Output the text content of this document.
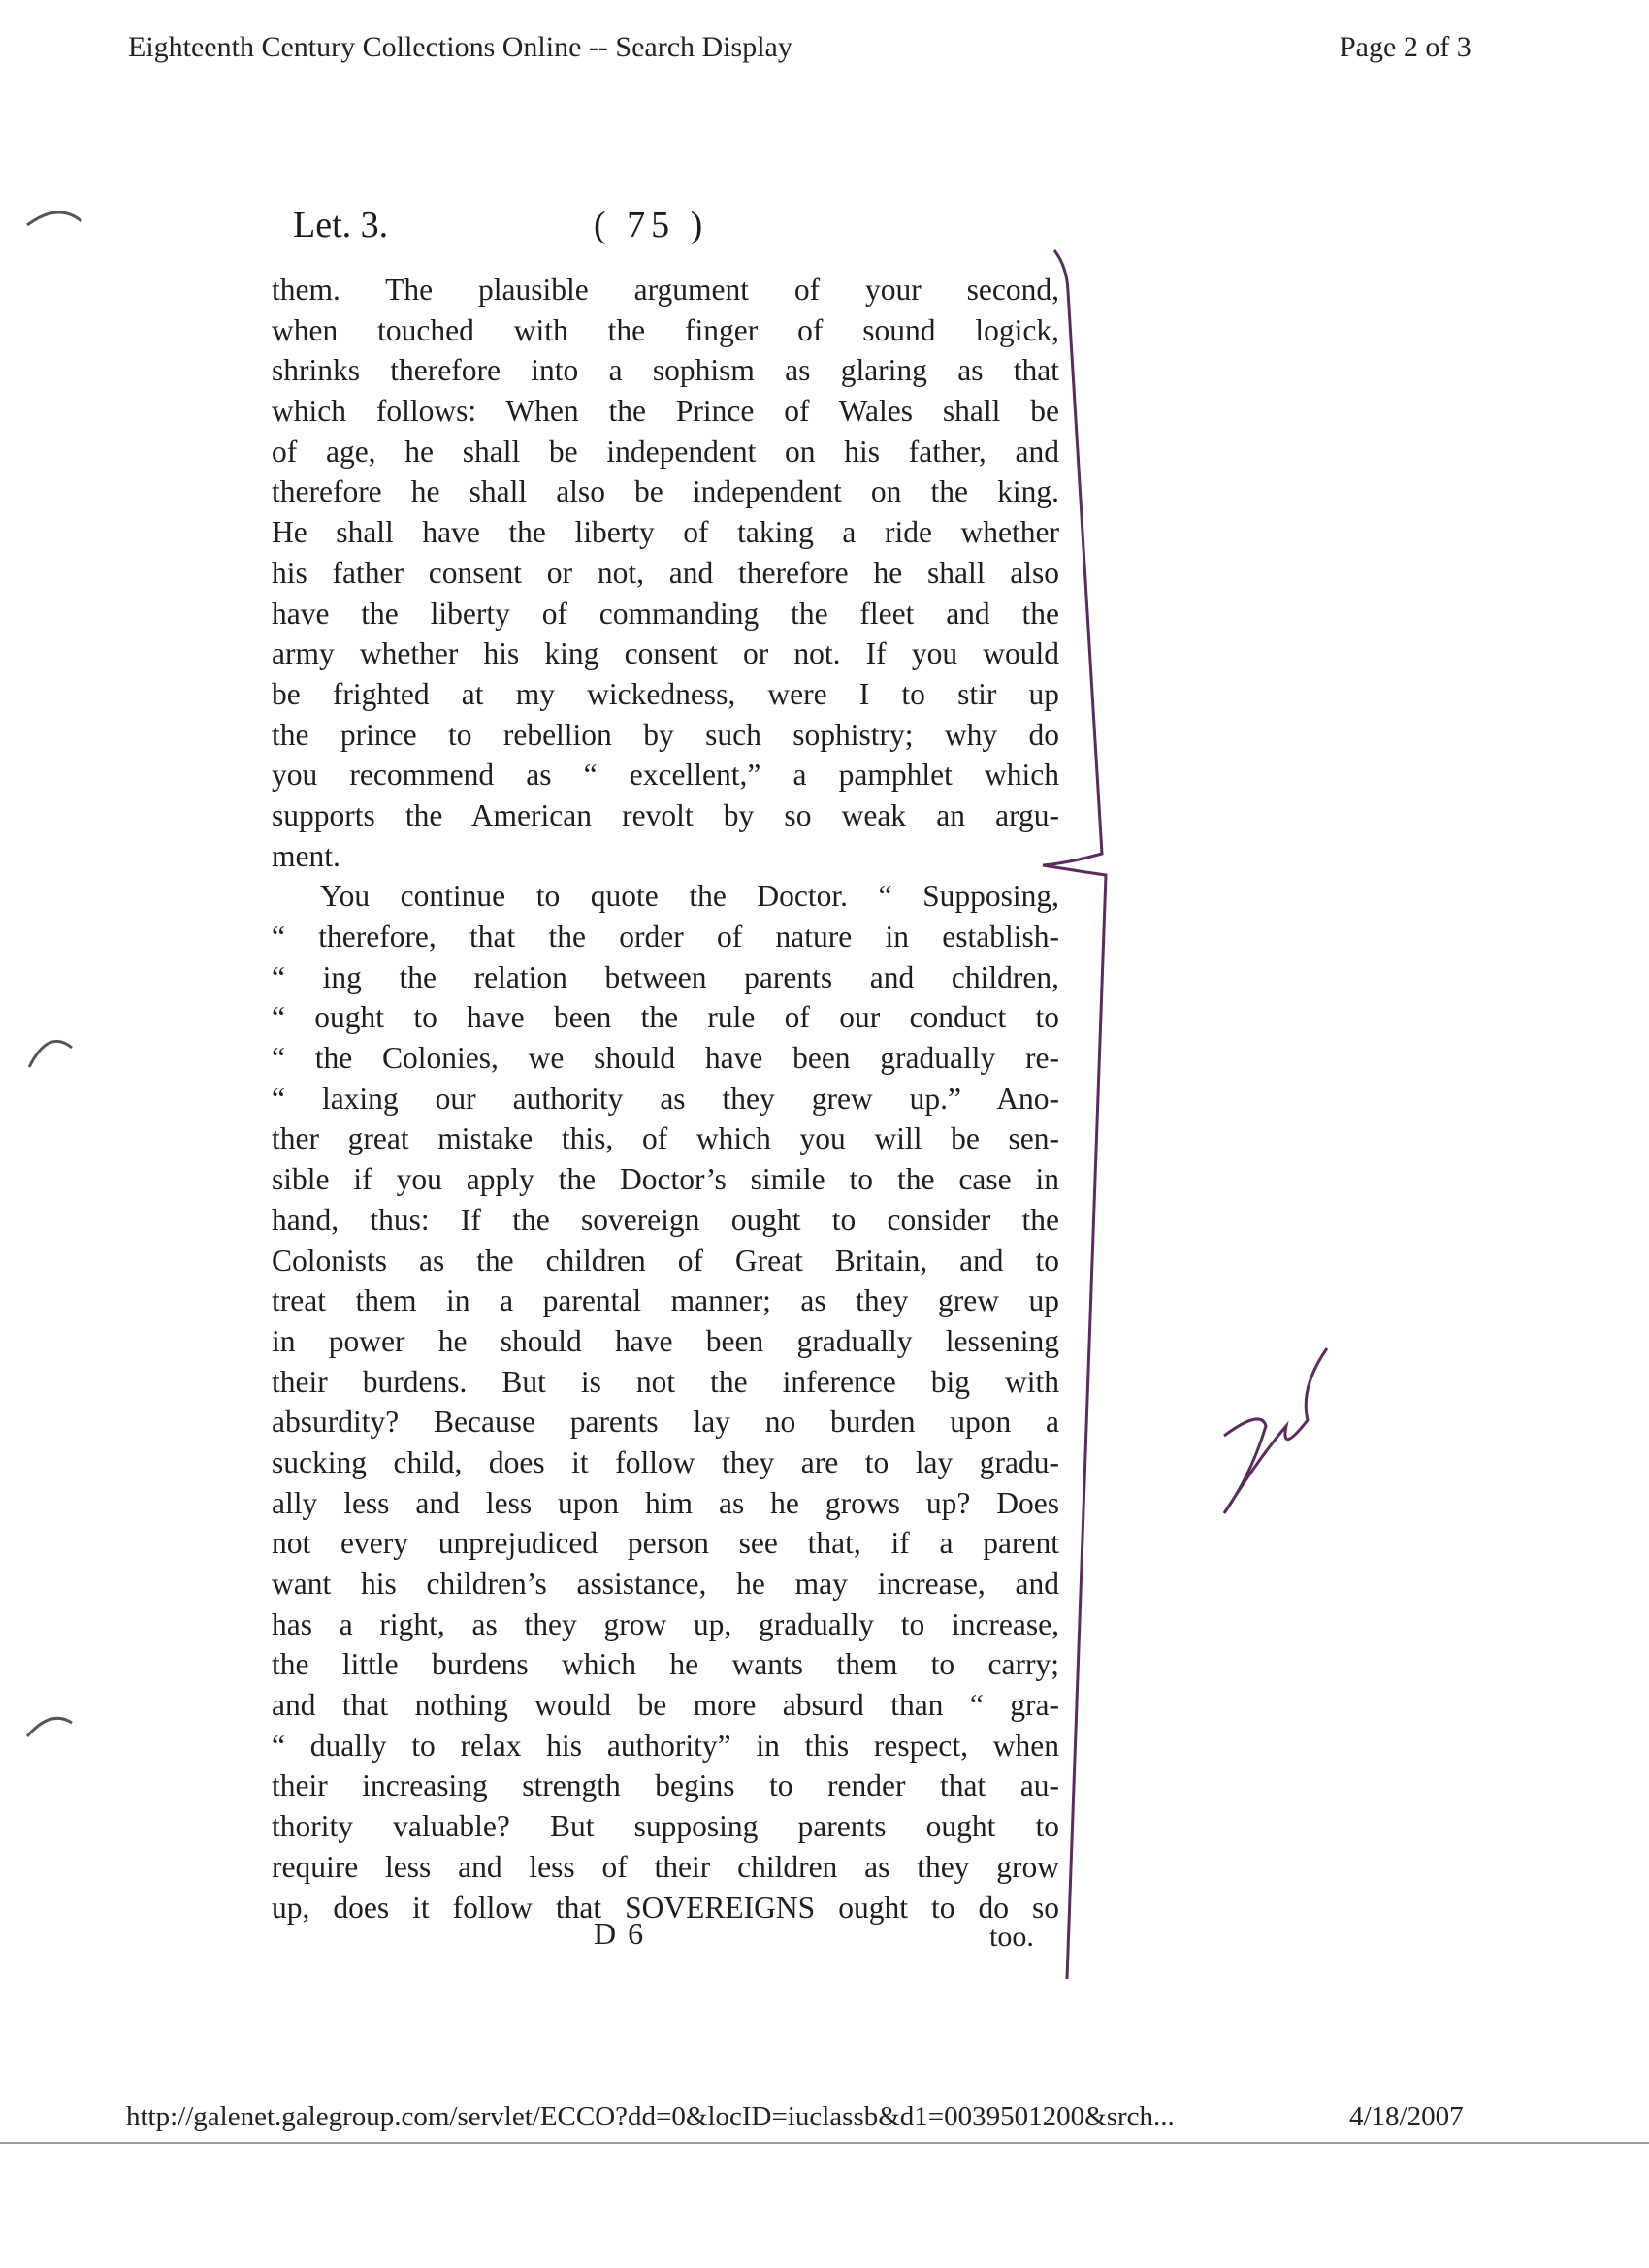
Eighteenth Century Collections Online -- Search Display	Page 2 of 3
Let. 3.	( 75 )
them. The plausible argument of your second,
when touched with the finger of sound logick,
shrinks therefore into a sophism as glaring as that
which follows: When the Prince of Wales shall be
of age, he shall be independent on his father, and
therefore he shall also be independent on the king.
He shall have the liberty of taking a ride whether
his father consent or not, and therefore he shall also
have the liberty of commanding the fleet and the
army whether his king consent or not. If you would
be frighted at my wickedness, were I to stir up
the prince to rebellion by such sophistry; why do
you recommend as “ excellent,” a pamphlet which
supports the American revolt by so weak an argu-
ment.
You continue to quote the Doctor. “ Supposing,
“ therefore, that the order of nature in establish-
“ ing the relation between parents and children,
“ ought to have been the rule of our conduct to
“ the Colonies, we should have been gradually re-
“ laxing our authority as they grew up.” Ano-
ther great mistake this, of which you will be sen-
sible if you apply the Doctor’s simile to the case in
hand, thus: If the sovereign ought to consider the
Colonists as the children of Great Britain, and to
treat them in a parental manner; as they grew up
in power he should have been gradually lessening
their burdens. But is not the inference big with
absurdity? Because parents lay no burden upon a
sucking child, does it follow they are to lay gradu-
ally less and less upon him as he grows up? Does
not every unprejudiced person see that, if a parent
want his children’s assistance, he may increase, and
has a right, as they grow up, gradually to increase,
the little burdens which he wants them to carry;
and that nothing would be more absurd than “ gra-
“ dually to relax his authority” in this respect, when
their increasing strength begins to render that au-
thority valuable? But supposing parents ought to
require less and less of their children as they grow
up, does it follow that SOVEREIGNS ought to do so
D 6	too.
http://galenet.galegroup.com/servlet/ECCO?dd=0&locID=iuclassb&d1=0039501200&srch...	4/18/2007
